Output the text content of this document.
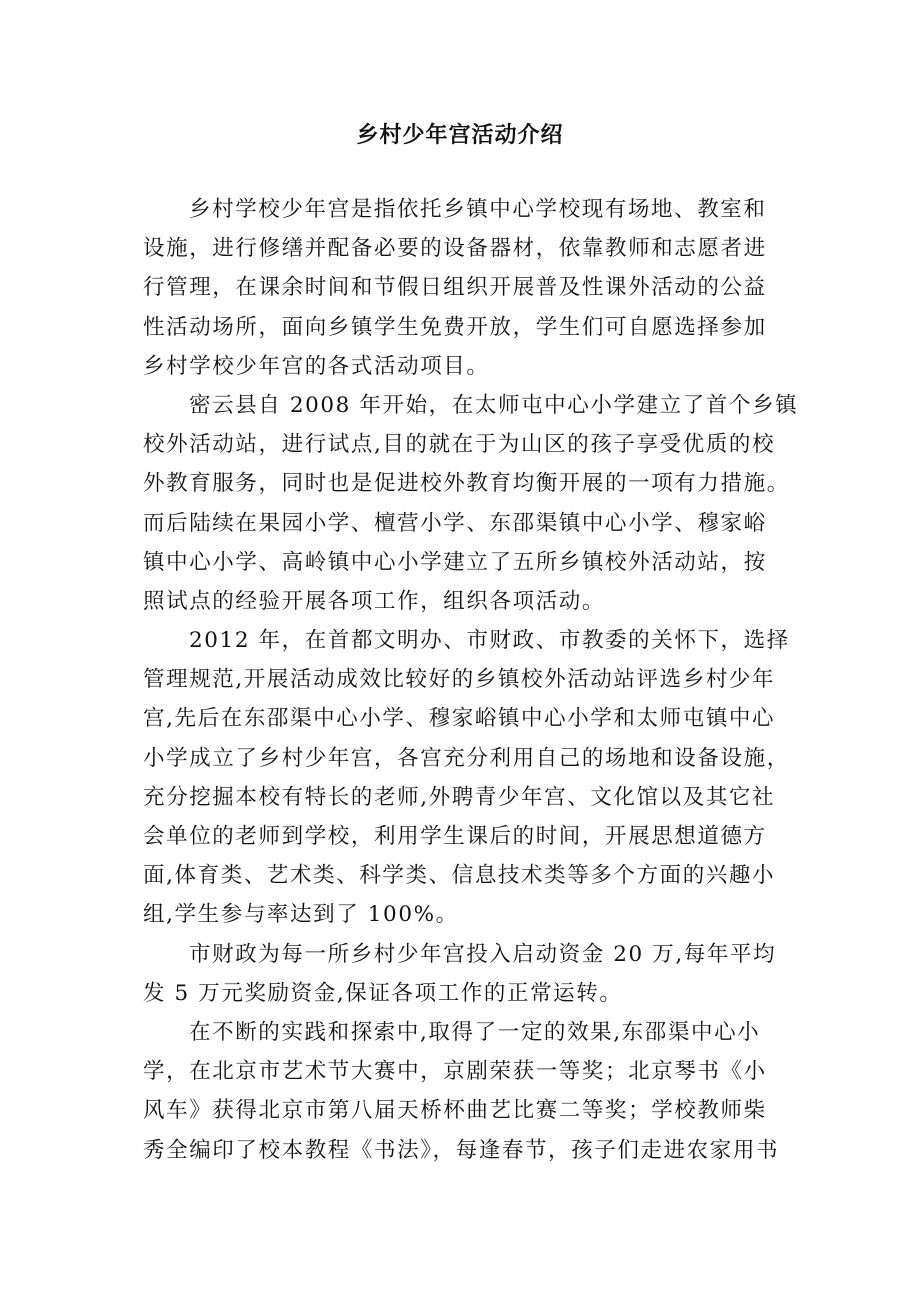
乡村少年宫活动介绍
乡村学校少年宫是指依托乡镇中心学校现有场地、教室和
设施，进行修缮并配备必要的设备器材，依靠教师和志愿者进
行管理，在课余时间和节假日组织开展普及性课外活动的公益
性活动场所，面向乡镇学生免费开放，学生们可自愿选择参加
乡村学校少年宫的各式活动项目。
密云县自 2008 年开始，在太师屯中心小学建立了首个乡镇
校外活动站，进行试点,目的就在于为山区的孩子享受优质的校
外教育服务，同时也是促进校外教育均衡开展的一项有力措施。
而后陆续在果园小学、檀营小学、东邵渠镇中心小学、穆家峪
镇中心小学、高岭镇中心小学建立了五所乡镇校外活动站，按
照试点的经验开展各项工作，组织各项活动。
2012 年，在首都文明办、市财政、市教委的关怀下，选择
管理规范,开展活动成效比较好的乡镇校外活动站评选乡村少年
宫,先后在东邵渠中心小学、穆家峪镇中心小学和太师屯镇中心
小学成立了乡村少年宫，各宫充分利用自己的场地和设备设施，
充分挖掘本校有特长的老师,外聘青少年宫、文化馆以及其它社
会单位的老师到学校，利用学生课后的时间，开展思想道德方
面,体育类、艺术类、科学类、信息技术类等多个方面的兴趣小
组,学生参与率达到了 100%。
市财政为每一所乡村少年宫投入启动资金 20 万,每年平均
发 5 万元奖励资金,保证各项工作的正常运转。
在不断的实践和探索中,取得了一定的效果,东邵渠中心小
学，在北京市艺术节大赛中，京剧荣获一等奖；北京琴书《小
风车》获得北京市第八届天桥杯曲艺比赛二等奖；学校教师柴
秀全编印了校本教程《书法》，每逢春节，孩子们走进农家用书
